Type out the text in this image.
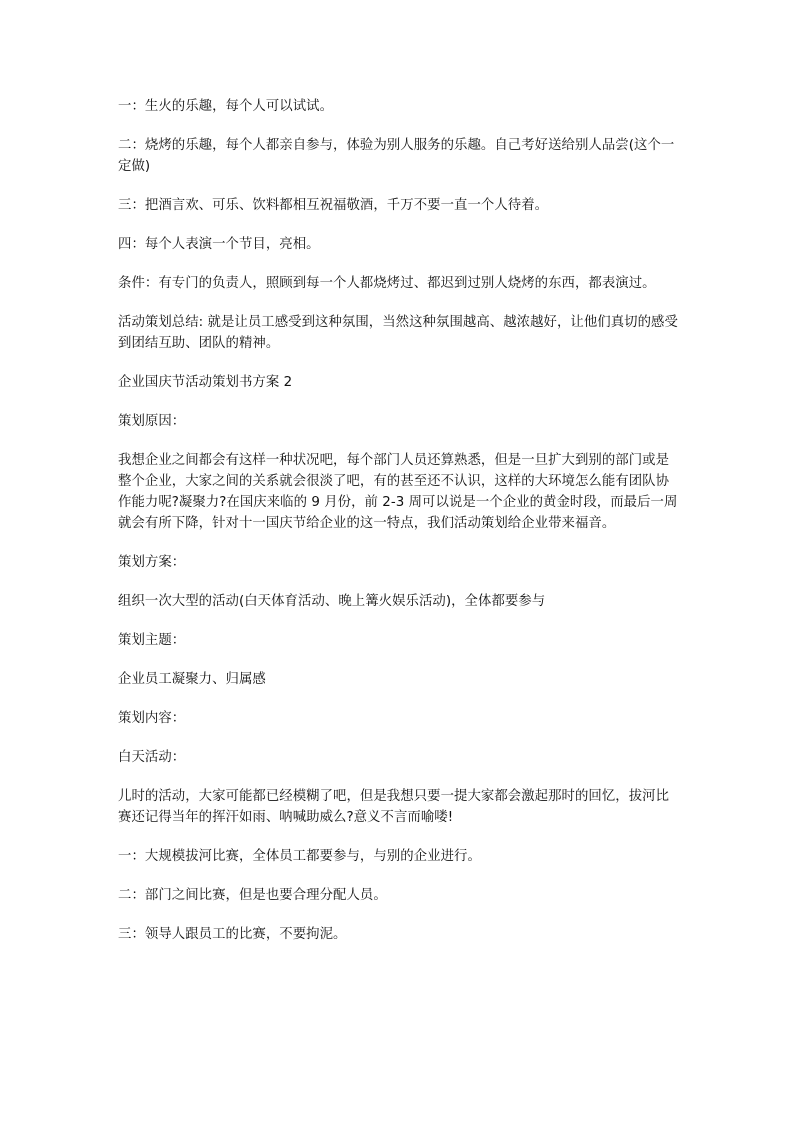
一：生火的乐趣，每个人可以试试。

二：烧烤的乐趣，每个人都亲自参与，体验为别人服务的乐趣。自己考好送给别人品尝(这个一定做)

三：把酒言欢、可乐、饮料都相互祝福敬酒，千万不要一直一个人待着。

四：每个人表演一个节目，亮相。

条件：有专门的负责人，照顾到每一个人都烧烤过、都迟到过别人烧烤的东西，都表演过。

活动策划总结: 就是让员工感受到这种氛围，当然这种氛围越高、越浓越好，让他们真切的感受到团结互助、团队的精神。

企业国庆节活动策划书方案 2

策划原因：

我想企业之间都会有这样一种状况吧，每个部门人员还算熟悉，但是一旦扩大到别的部门或是整个企业，大家之间的关系就会很淡了吧，有的甚至还不认识，这样的大环境怎么能有团队协作能力呢?凝聚力?在国庆来临的 9 月份，前 2-3 周可以说是一个企业的黄金时段，而最后一周就会有所下降，针对十一国庆节给企业的这一特点，我们活动策划给企业带来福音。

策划方案：

组织一次大型的活动(白天体育活动、晚上篝火娱乐活动)，全体都要参与

策划主题：

企业员工凝聚力、归属感

策划内容：

白天活动：

儿时的活动，大家可能都已经模糊了吧，但是我想只要一提大家都会激起那时的回忆，拔河比赛还记得当年的挥汗如雨、呐喊助威么?意义不言而喻喽!

一：大规模拔河比赛，全体员工都要参与，与别的企业进行。

二：部门之间比赛，但是也要合理分配人员。

三：领导人跟员工的比赛，不要拘泥。
